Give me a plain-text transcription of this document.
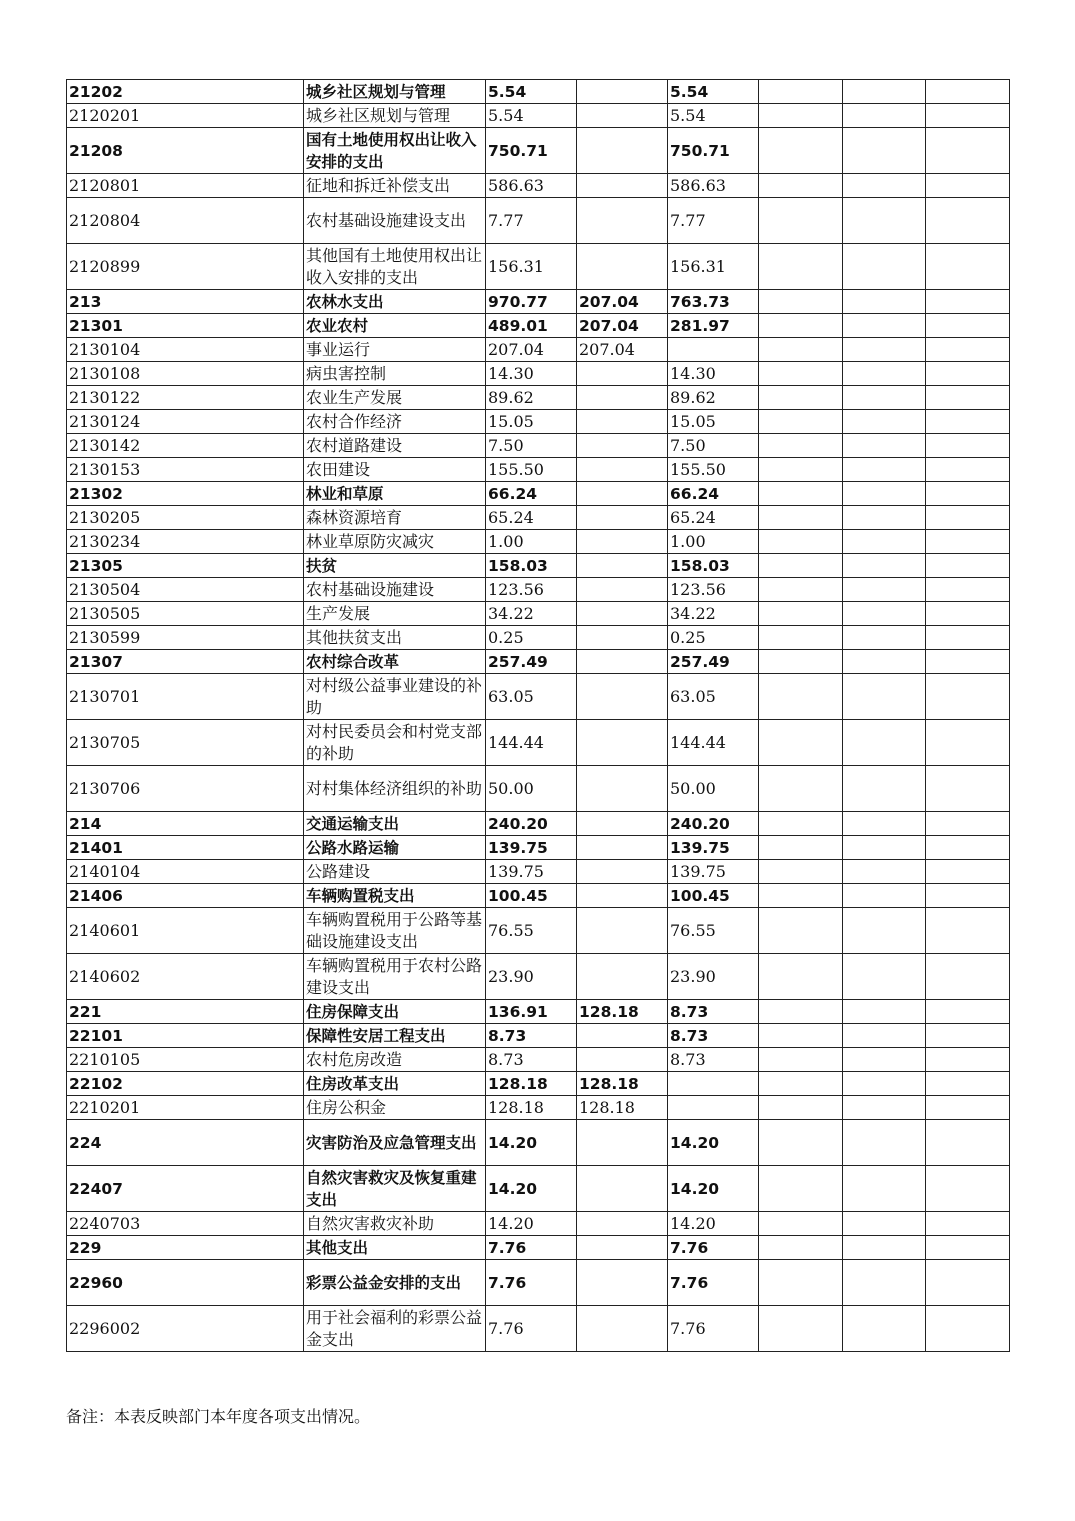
21202	城乡社区规划与管理	5.54		5.54			
2120201	城乡社区规划与管理	5.54		5.54			
21208	国有土地使用权出让收入安排的支出	750.71		750.71			
2120801	征地和拆迁补偿支出	586.63		586.63			
2120804	农村基础设施建设支出	7.77		7.77			
2120899	其他国有土地使用权出让收入安排的支出	156.31		156.31			
213	农林水支出	970.77	207.04	763.73			
21301	农业农村	489.01	207.04	281.97			
2130104	事业运行	207.04	207.04				
2130108	病虫害控制	14.30		14.30			
2130122	农业生产发展	89.62		89.62			
2130124	农村合作经济	15.05		15.05			
2130142	农村道路建设	7.50		7.50			
2130153	农田建设	155.50		155.50			
21302	林业和草原	66.24		66.24			
2130205	森林资源培育	65.24		65.24			
2130234	林业草原防灾减灾	1.00		1.00			
21305	扶贫	158.03		158.03			
2130504	农村基础设施建设	123.56		123.56			
2130505	生产发展	34.22		34.22			
2130599	其他扶贫支出	0.25		0.25			
21307	农村综合改革	257.49		257.49			
2130701	对村级公益事业建设的补助	63.05		63.05			
2130705	对村民委员会和村党支部的补助	144.44		144.44			
2130706	对村集体经济组织的补助	50.00		50.00			
214	交通运输支出	240.20		240.20			
21401	公路水路运输	139.75		139.75			
2140104	公路建设	139.75		139.75			
21406	车辆购置税支出	100.45		100.45			
2140601	车辆购置税用于公路等基础设施建设支出	76.55		76.55			
2140602	车辆购置税用于农村公路建设支出	23.90		23.90			
221	住房保障支出	136.91	128.18	8.73			
22101	保障性安居工程支出	8.73		8.73			
2210105	农村危房改造	8.73		8.73			
22102	住房改革支出	128.18	128.18				
2210201	住房公积金	128.18	128.18				
224	灾害防治及应急管理支出	14.20		14.20			
22407	自然灾害救灾及恢复重建支出	14.20		14.20			
2240703	自然灾害救灾补助	14.20		14.20			
229	其他支出	7.76		7.76			
22960	彩票公益金安排的支出	7.76		7.76			
2296002	用于社会福利的彩票公益金支出	7.76		7.76			
备注：本表反映部门本年度各项支出情况。
